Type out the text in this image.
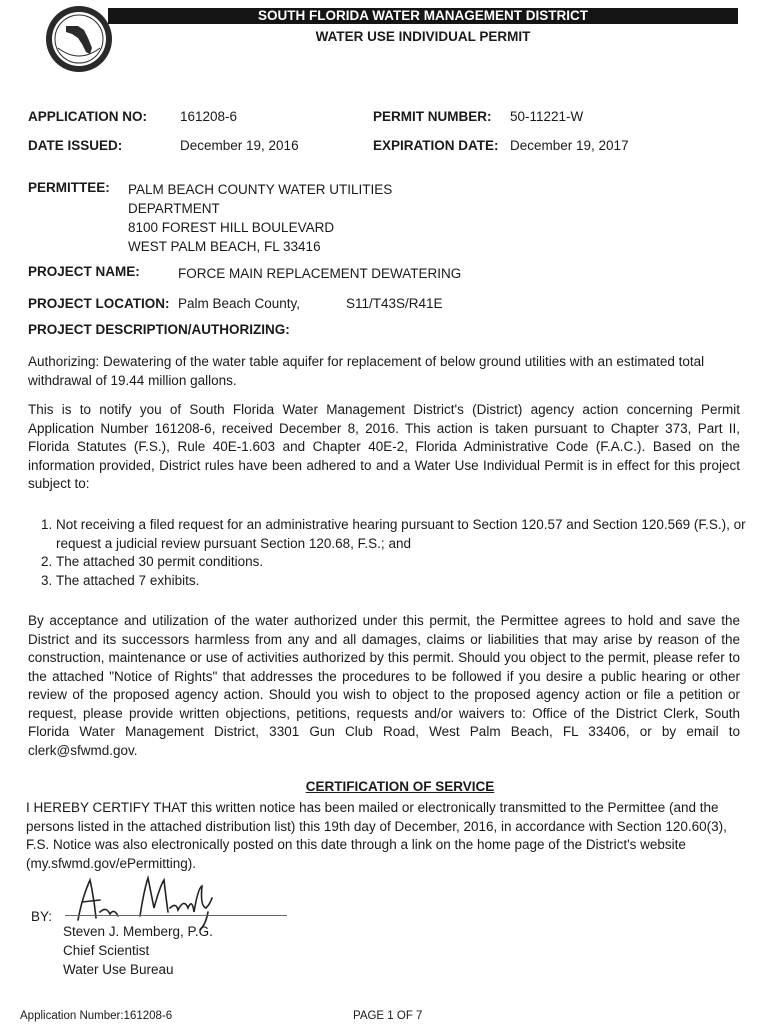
SOUTH FLORIDA WATER MANAGEMENT DISTRICT
WATER USE INDIVIDUAL PERMIT
APPLICATION NO: 161208-6	PERMIT NUMBER: 50-11221-W
DATE ISSUED:	December 19, 2016	EXPIRATION DATE: December 19, 2017
PERMITTEE: PALM BEACH COUNTY WATER UTILITIES
DEPARTMENT
8100 FOREST HILL BOULEVARD
WEST PALM BEACH, FL 33416
PROJECT NAME:	FORCE MAIN REPLACEMENT DEWATERING
PROJECT LOCATION: Palm Beach County,	S11/T43S/R41E
PROJECT DESCRIPTION/AUTHORIZING:
Authorizing: Dewatering of the water table aquifer for replacement of below ground utilities with an estimated total withdrawal of 19.44 million gallons.
This is to notify you of South Florida Water Management District's (District) agency action concerning Permit Application Number 161208-6, received December 8, 2016. This action is taken pursuant to Chapter 373, Part II, Florida Statutes (F.S.), Rule 40E-1.603 and Chapter 40E-2, Florida Administrative Code (F.A.C.). Based on the information provided, District rules have been adhered to and a Water Use Individual Permit is in effect for this project subject to:
1. Not receiving a filed request for an administrative hearing pursuant to Section 120.57 and Section 120.569 (F.S.), or request a judicial review pursuant Section 120.68, F.S.; and
2. The attached 30 permit conditions.
3. The attached 7 exhibits.
By acceptance and utilization of the water authorized under this permit, the Permittee agrees to hold and save the District and its successors harmless from any and all damages, claims or liabilities that may arise by reason of the construction, maintenance or use of activities authorized by this permit. Should you object to the permit, please refer to the attached "Notice of Rights" that addresses the procedures to be followed if you desire a public hearing or other review of the proposed agency action. Should you wish to object to the proposed agency action or file a petition or request, please provide written objections, petitions, requests and/or waivers to: Office of the District Clerk, South Florida Water Management District, 3301 Gun Club Road, West Palm Beach, FL 33406, or by email to clerk@sfwmd.gov.
CERTIFICATION OF SERVICE
I HEREBY CERTIFY THAT this written notice has been mailed or electronically transmitted to the Permittee (and the persons listed in the attached distribution list) this 19th day of December, 2016, in accordance with Section 120.60(3), F.S. Notice was also electronically posted on this date through a link on the home page of the District's website (my.sfwmd.gov/ePermitting).
BY:
Steven J. Memberg, P.G.
Chief Scientist
Water Use Bureau
Application Number:161208-6	PAGE 1 OF 7
